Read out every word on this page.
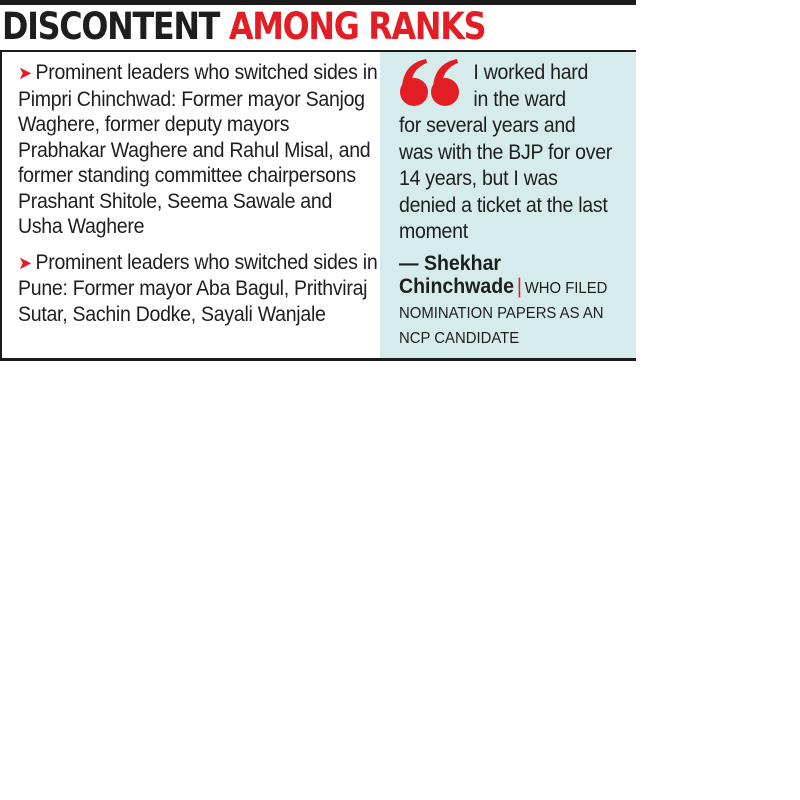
DISCONTENT AMONG RANKS
➤ Prominent leaders who switched sides in Pimpri Chinchwad: Former mayor Sanjog Waghere, former deputy mayors Prabhakar Waghere and Rahul Misal, and former standing committee chairpersons Prashant Shitole, Seema Sawale and Usha Waghere
➤ Prominent leaders who switched sides in Pune: Former mayor Aba Bagul, Prithviraj Sutar, Sachin Dodke, Sayali Wanjale
I worked hard
in the ward
for several years and was with the BJP for over 14 years, but I was denied a ticket at the last moment
— Shekhar Chinchwade | WHO FILED NOMINATION PAPERS AS AN NCP CANDIDATE
